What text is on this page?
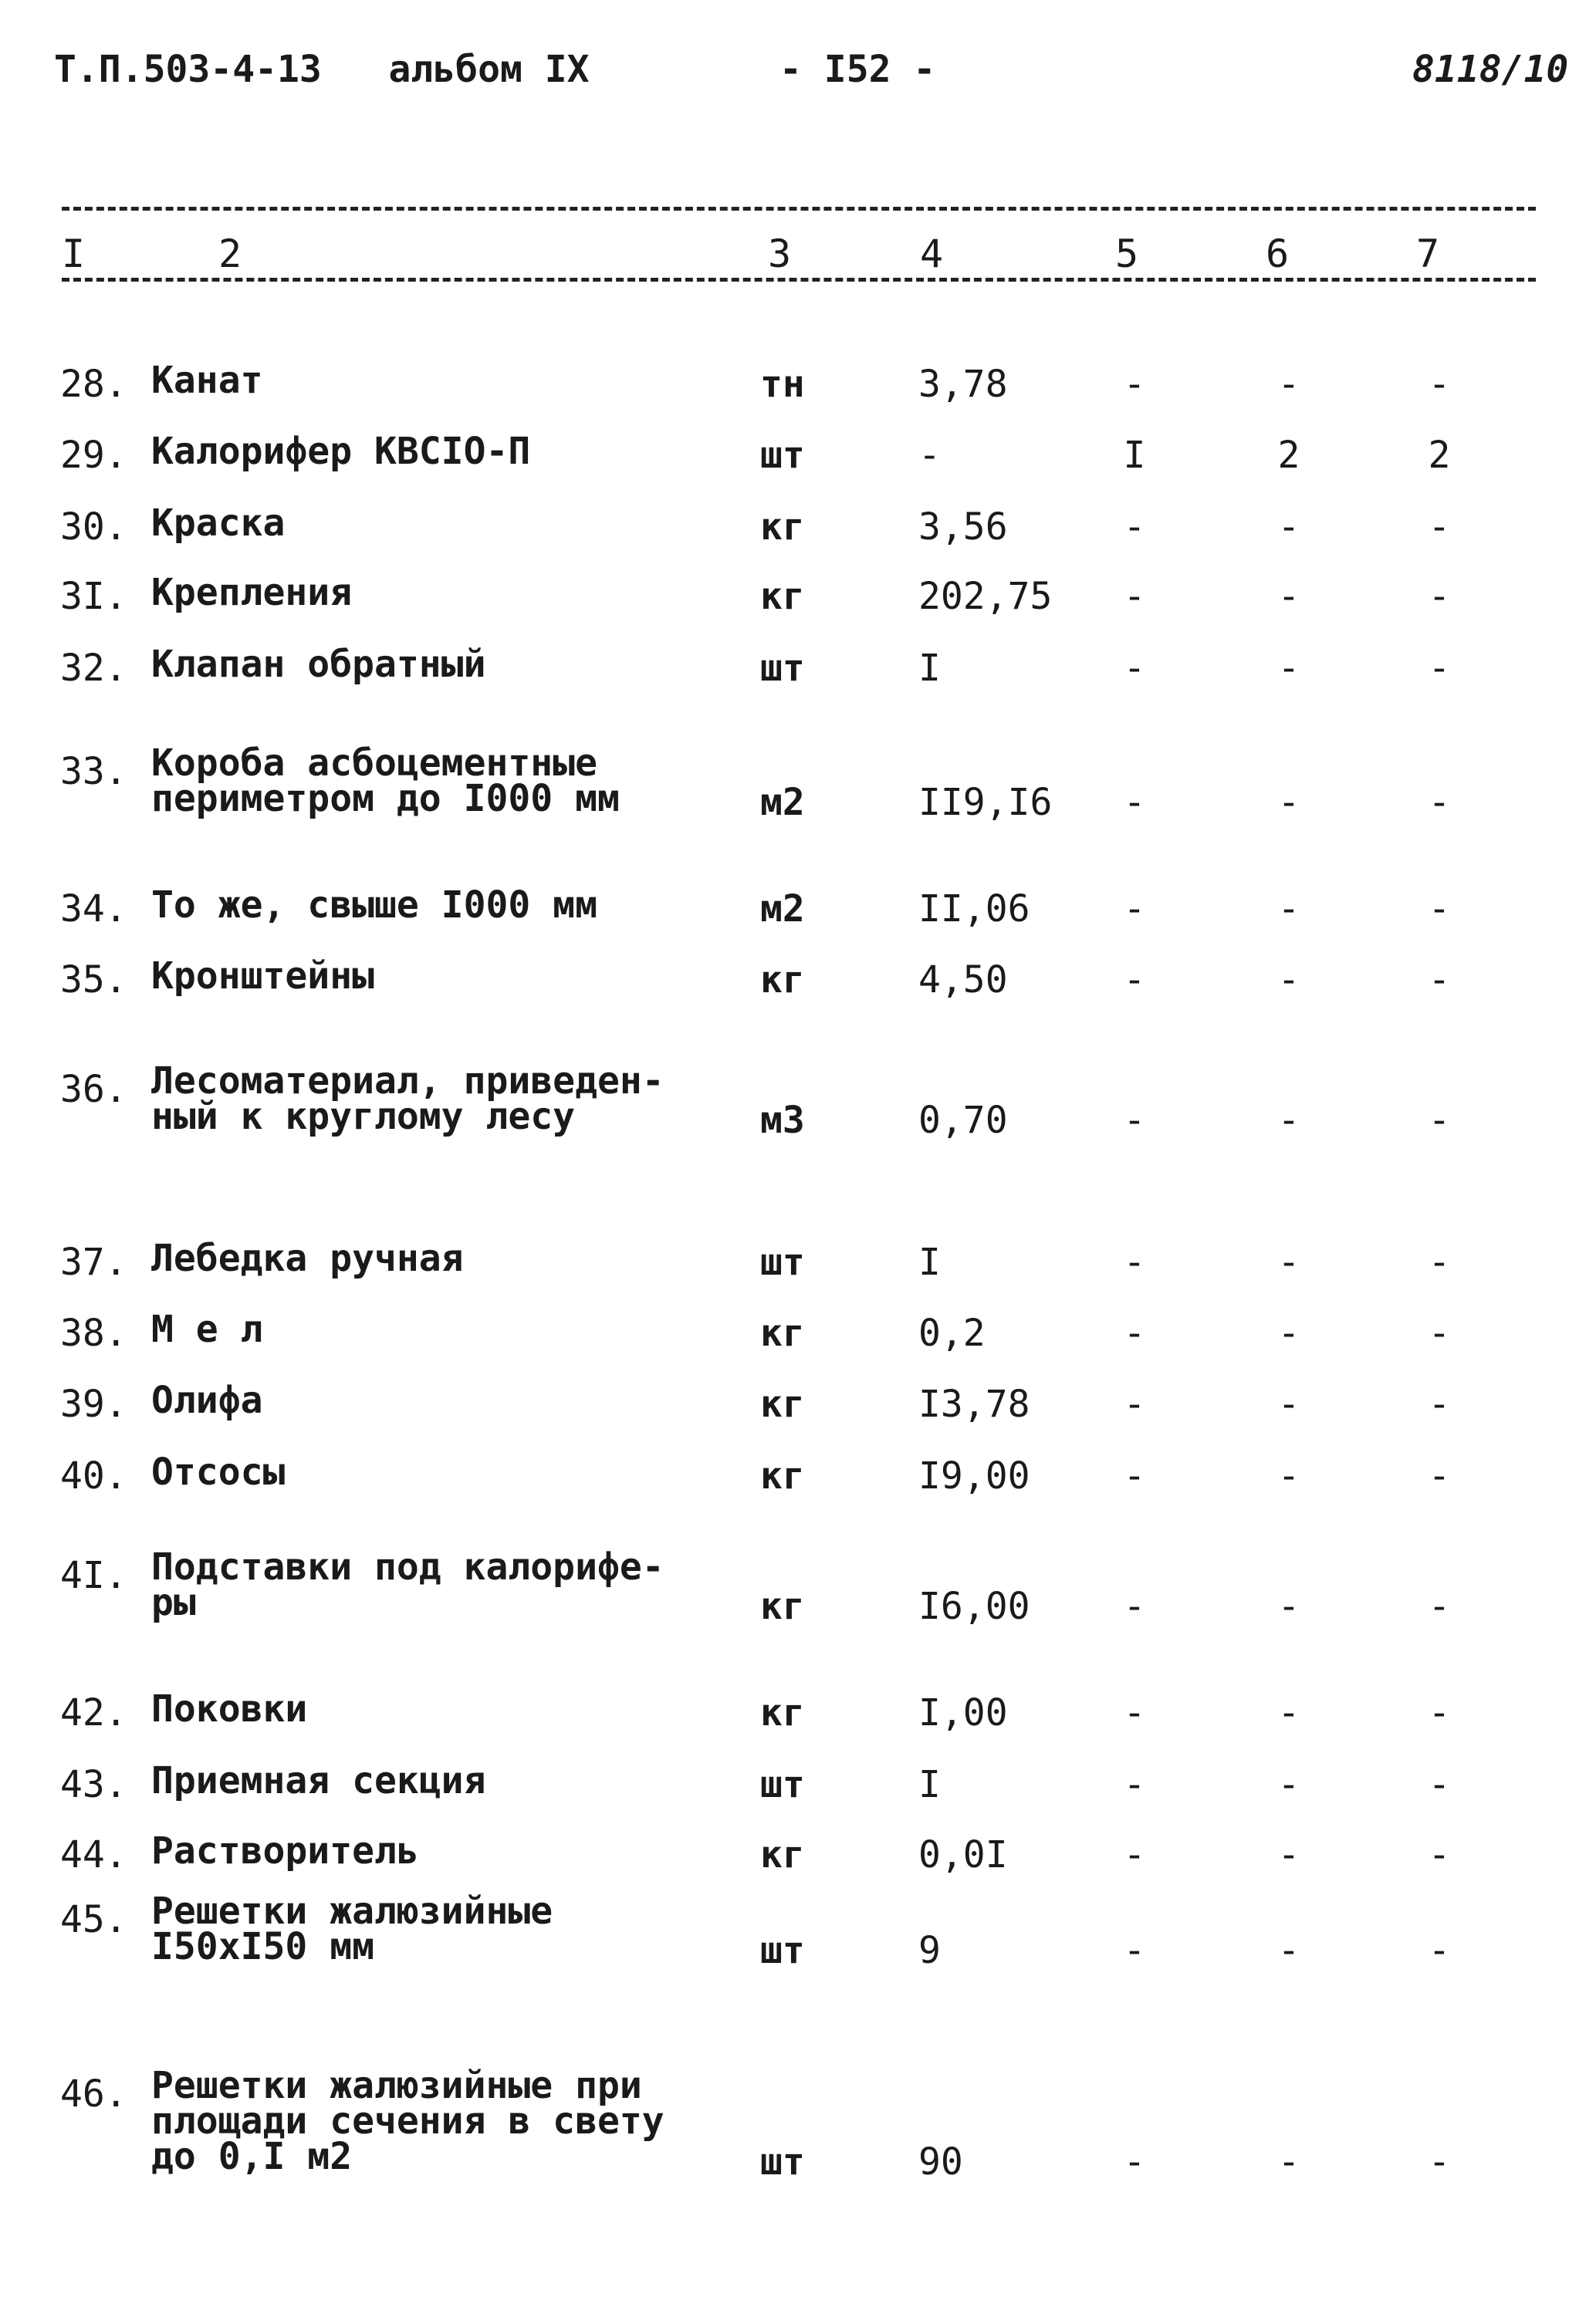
Т.П.503-4-13 альбом IX	- I52 -	8118/10
I	2	3	4	5	6	7
28. Канат	тн	3,78	-	-	-
29. Калорифер КВСIО-П	шт	-	I	2	2
30. Краска	кг	3,56	-	-	-
3I. Крепления	кг	202,75	-	-	-
32. Клапан обратный	шт	I	-	-	-
33. Короба асбоцементные
периметром до I000 мм	м2	II9,I6	-	-	-
34. То же, свыше I000 мм	м2	II,06	-	-	-
35. Кронштейны	кг	4,50	-	-	-
36. Лесоматериал, приведен-
ный к круглому лесу	м3	0,70	-	-	-
37. Лебедка ручная	шт	I	-	-	-
38. М е л	кг	0,2	-	-	-
39. Олифа	кг	I3,78	-	-	-
40. Отсосы	кг	I9,00	-	-	-
4I. Подставки под калорифе-
ры	кг	I6,00	-	-	-
42. Поковки	кг	I,00	-	-	-
43. Приемная секция	шт	I	-	-	-
44. Растворитель	кг	0,0I	-	-	-
45. Решетки жалюзийные
I50хI50 мм	шт	9	-	-	-
46. Решетки жалюзийные при
площади сечения в свету
до 0,I м2	шт	90	-	-	-
